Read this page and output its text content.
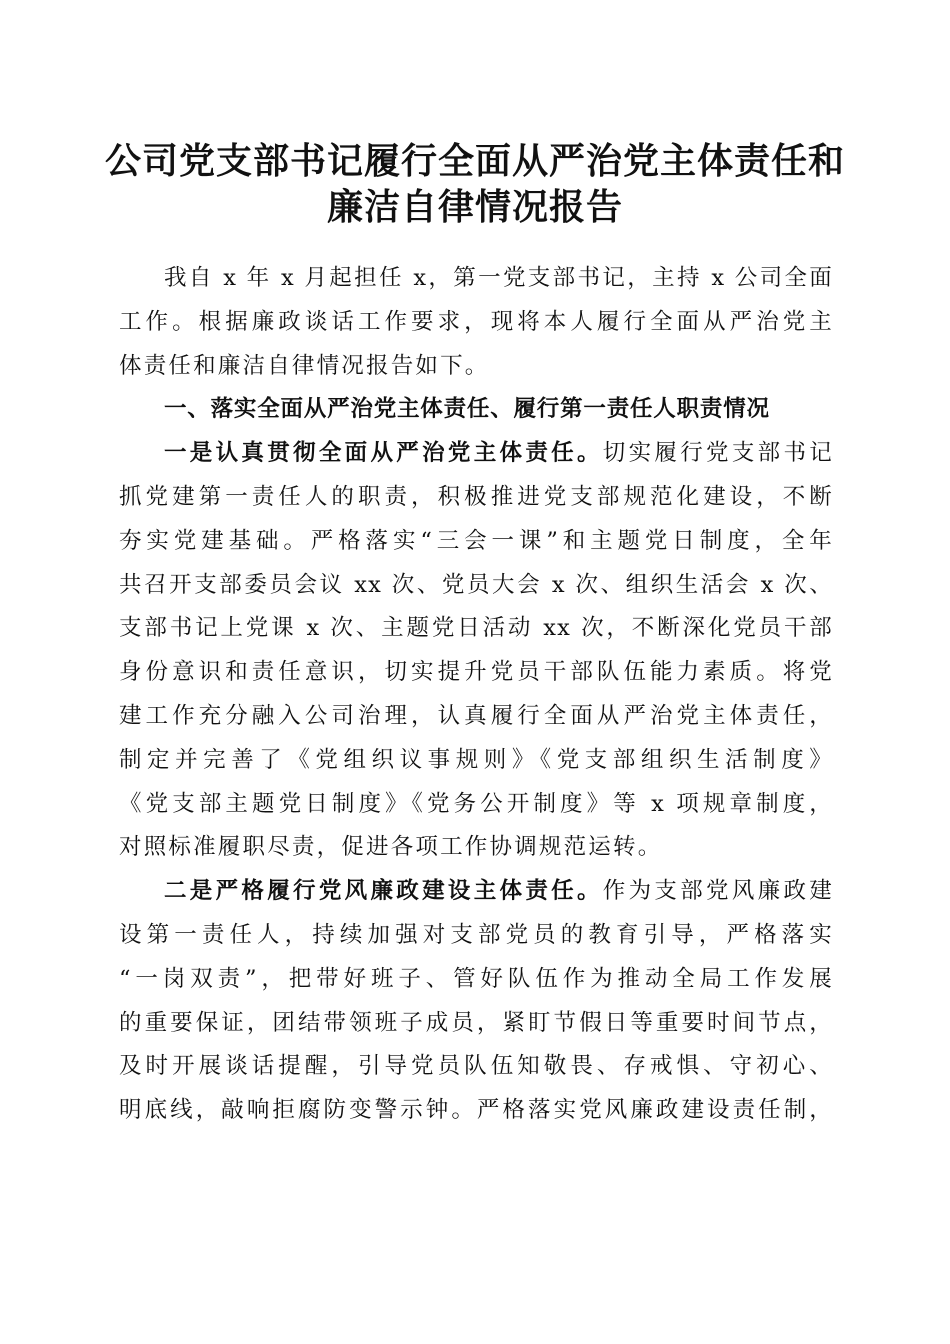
公司党支部书记履行全面从严治党主体责任和
廉洁自律情况报告
我自 x 年 x 月起担任 x，第一党支部书记，主持 x 公司全面
工作。根据廉政谈话工作要求，现将本人履行全面从严治党主
体责任和廉洁自律情况报告如下。
一、落实全面从严治党主体责任、履行第一责任人职责情况
一是认真贯彻全面从严治党主体责任。切实履行党支部书记
抓党建第一责任人的职责，积极推进党支部规范化建设，不断
夯实党建基础。严格落实“三会一课”和主题党日制度，全年
共召开支部委员会议 xx 次、党员大会 x 次、组织生活会 x 次、
支部书记上党课 x 次、主题党日活动 xx 次，不断深化党员干部
身份意识和责任意识，切实提升党员干部队伍能力素质。将党
建工作充分融入公司治理，认真履行全面从严治党主体责任，
制定并完善了《党组织议事规则》《党支部组织生活制度》
《党支部主题党日制度》《党务公开制度》等 x 项规章制度，
对照标准履职尽责，促进各项工作协调规范运转。
二是严格履行党风廉政建设主体责任。作为支部党风廉政建
设第一责任人，持续加强对支部党员的教育引导，严格落实
“一岗双责”，把带好班子、管好队伍作为推动全局工作发展
的重要保证，团结带领班子成员，紧盯节假日等重要时间节点，
及时开展谈话提醒，引导党员队伍知敬畏、存戒惧、守初心、
明底线，敲响拒腐防变警示钟。严格落实党风廉政建设责任制，
